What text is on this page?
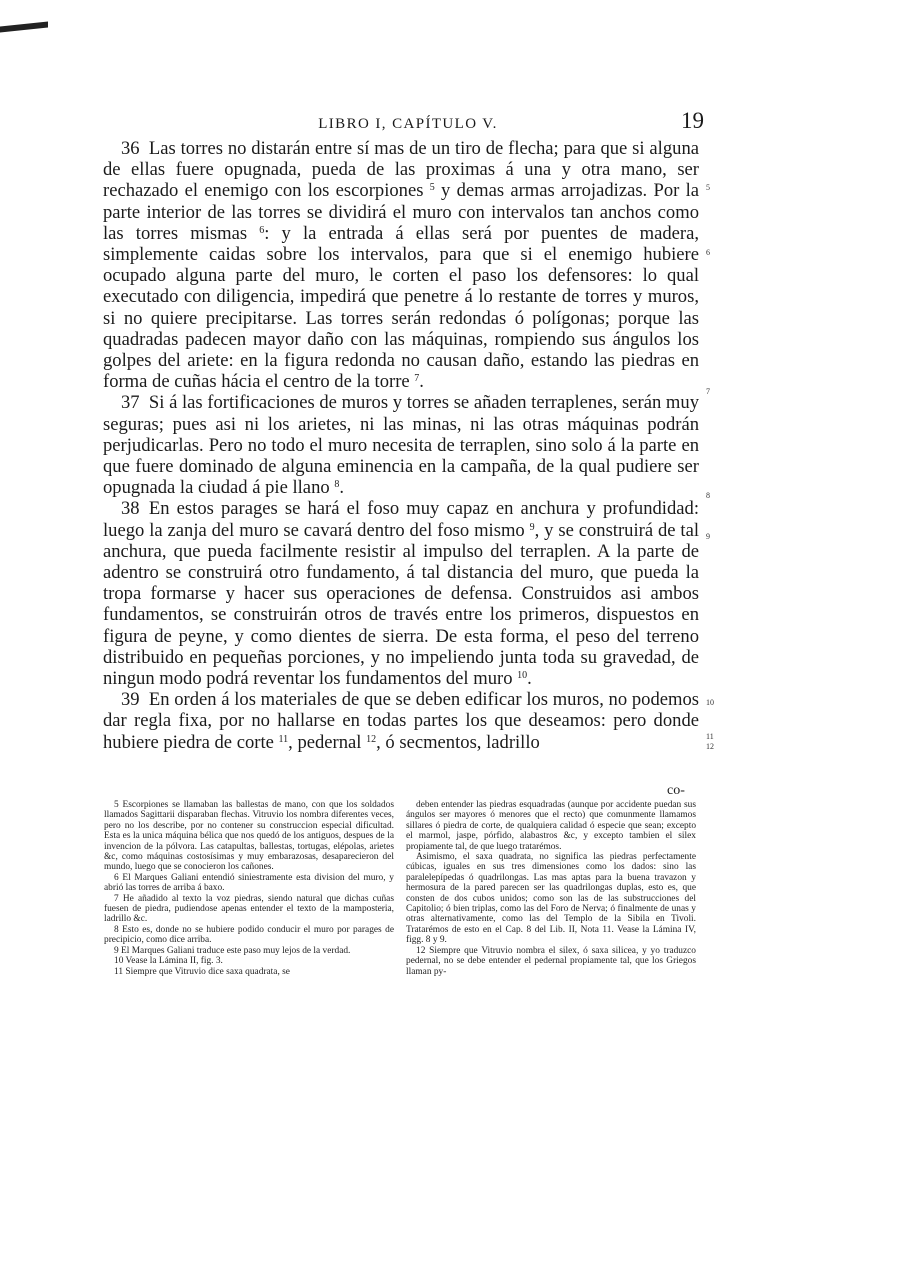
LIBRO I, CAPÍTULO V.	19

36 Las torres no distarán entre sí mas de un tiro de flecha; para que si alguna de ellas fuere opugnada, pueda de las proximas á una y otra mano, ser rechazado el enemigo con los escorpiones $^5$ y demas armas arrojadizas. Por la parte interior de las torres se dividirá el muro con intervalos tan anchos como las torres mismas $^6$: y la entrada á ellas será por puentes de madera, simplemente caidas sobre los intervalos, para que si el enemigo hubiere ocupado alguna parte del muro, le corten el paso los defensores: lo qual executado con diligencia, impedirá que penetre á lo restante de torres y muros, si no quiere precipitarse. Las torres serán redondas ó polígonas; porque las quadradas padecen mayor daño con las máquinas, rompiendo sus ángulos los golpes del ariete: en la figura redonda no causan daño, estando las piedras en forma de cuñas hácia el centro de la torre $^7$.

37 Si á las fortificaciones de muros y torres se añaden terraplenes, serán muy seguras; pues asi ni los arietes, ni las minas, ni las otras máquinas podrán perjudicarlas. Pero no todo el muro necesita de terraplen, sino solo á la parte en que fuere dominado de alguna eminencia en la campaña, de la qual pudiere ser opugnada la ciudad á pie llano $^8$.

38 En estos parages se hará el foso muy capaz en anchura y profundidad: luego la zanja del muro se cavará dentro del foso mismo $^9$, y se construirá de tal anchura, que pueda facilmente resistir al impulso del terraplen. A la parte de adentro se construirá otro fundamento, á tal distancia del muro, que pueda la tropa formarse y hacer sus operaciones de defensa. Construidos asi ambos fundamentos, se construirán otros de través entre los primeros, dispuestos en figura de peyne, y como dientes de sierra. De esta forma, el peso del terreno distribuido en pequeñas porciones, y no impeliendo junta toda su gravedad, de ningun modo podrá reventar los fundamentos del muro $^{10}$.

39 En orden á los materiales de que se deben edificar los muros, no podemos dar regla fixa, por no hallarse en todas partes los que deseamos: pero donde hubiere piedra de corte $^{11}$, pedernal $^{12}$, ó secmentos, ladrillo

co-
5
6
7
8
9
10
11
12

5 Escorpiones se llamaban las ballestas de mano, con que los soldados llamados Sagittarii disparaban flechas. Vitruvio los nombra diferentes veces, pero no los describe, por no contener su construccion especial dificultad. Esta es la unica máquina bélica que nos quedó de los antiguos, despues de la invencion de la pólvora. Las catapultas, ballestas, tortugas, elépolas, arietes &c, como máquinas costosísimas y muy embarazosas, desaparecieron del mundo, luego que se conocieron los cañones.

6 El Marques Galiani entendió siniestramente esta division del muro, y abrió las torres de arriba á baxo.

7 He añadido al texto la voz piedras, siendo natural que dichas cuñas fuesen de piedra, pudiendose apenas entender el texto de la mamposteria, ladrillo &c.

8 Esto es, donde no se hubiere podido conducir el muro por parages de precipicio, como dice arriba.

9 El Marques Galiani traduce este paso muy lejos de la verdad.

10 Vease la Lámina II, fig. 3.

11 Siempre que Vitruvio dice saxa quadrata, se

deben entender las piedras esquadradas (aunque por accidente puedan sus ángulos ser mayores ó menores que el recto) que comunmente llamamos sillares ó piedra de corte, de qualquiera calidad ó especie que sean; excepto el marmol, jaspe, pórfido, alabastros &c, y excepto tambien el silex propiamente tal, de que luego tratarémos.

Asimismo, el saxa quadrata, no significa las piedras perfectamente cúbicas, iguales en sus tres dimensiones como los dados: sino las paralelepípedas ó quadrilongas. Las mas aptas para la buena travazon y hermosura de la pared parecen ser las quadrilongas duplas, esto es, que consten de dos cubos unidos; como son las de las substrucciones del Capitolio; ó bien triplas, como las del Foro de Nerva; ó finalmente de unas y otras alternativamente, como las del Templo de la Sibila en Tivoli. Tratarémos de esto en el Cap. 8 del Lib. II, Nota 11. Vease la Lámina IV, figg. 8 y 9.

12 Siempre que Vitruvio nombra el silex, ó saxa silicea, y yo traduzco pedernal, no se debe entender el pedernal propiamente tal, que los Griegos llaman py-
